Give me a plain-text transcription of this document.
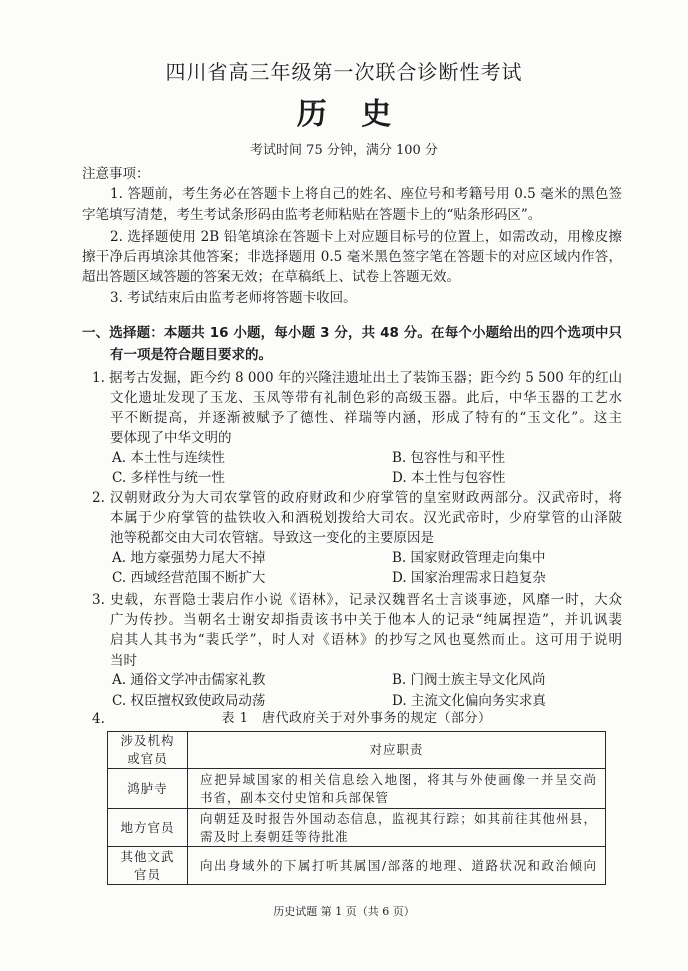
四川省高三年级第一次联合诊断性考试
历 史
考试时间 75 分钟，满分 100 分
注意事项：
1. 答题前，考生务必在答题卡上将自己的姓名、座位号和考籍号用 0.5 毫米的黑色签
字笔填写清楚，考生考试条形码由监考老师粘贴在答题卡上的“贴条形码区”。
2. 选择题使用 2B 铅笔填涂在答题卡上对应题目标号的位置上，如需改动，用橡皮擦
擦干净后再填涂其他答案；非选择题用 0.5 毫米黑色签字笔在答题卡的对应区域内作答，
超出答题区域答题的答案无效；在草稿纸上、试卷上答题无效。
3. 考试结束后由监考老师将答题卡收回。
一、选择题：本题共 16 小题，每小题 3 分，共 48 分。在每个小题给出的四个选项中只
有一项是符合题目要求的。
1. 据考古发掘，距今约 8 000 年的兴隆洼遗址出土了装饰玉器；距今约 5 500 年的红山
文化遗址发现了玉龙、玉凤等带有礼制色彩的高级玉器。此后，中华玉器的工艺水
平不断提高，并逐渐被赋予了德性、祥瑞等内涵，形成了特有的“玉文化”。这主
要体现了中华文明的
A. 本土性与连续性	B. 包容性与和平性
C. 多样性与统一性	D. 本土性与包容性
2. 汉朝财政分为大司农掌管的政府财政和少府掌管的皇室财政两部分。汉武帝时，将
本属于少府掌管的盐铁收入和酒税划拨给大司农。汉光武帝时，少府掌管的山泽陂
池等税都交由大司农管辖。导致这一变化的主要原因是
A. 地方豪强势力尾大不掉	B. 国家财政管理走向集中
C. 西域经营范围不断扩大	D. 国家治理需求日趋复杂
3. 史载，东晋隐士裴启作小说《语林》，记录汉魏晋名士言谈事迹，风靡一时，大众
广为传抄。当朝名士谢安却指责该书中关于他本人的记录“纯属捏造”，并讥讽裴
启其人其书为“裴氏学”，时人对《语林》的抄写之风也戛然而止。这可用于说明
当时
A. 通俗文学冲击儒家礼教	B. 门阀士族主导文化风尚
C. 权臣擅权致使政局动荡	D. 主流文化偏向务实求真
4.	表 1　唐代政府关于对外事务的规定（部分）
涉及机构
或官员	对应职责

鸿胪寺	应把异域国家的相关信息绘入地图，将其与外使画像一并呈交尚
书省，副本交付史馆和兵部保管

地方官员	向朝廷及时报告外国动态信息，监视其行踪；如其前往其他州县，
需及时上奏朝廷等待批准

其他文武
官员	向出身域外的下属打听其属国/部落的地理、道路状况和政治倾向
历史试题 第 1 页（共 6 页）
